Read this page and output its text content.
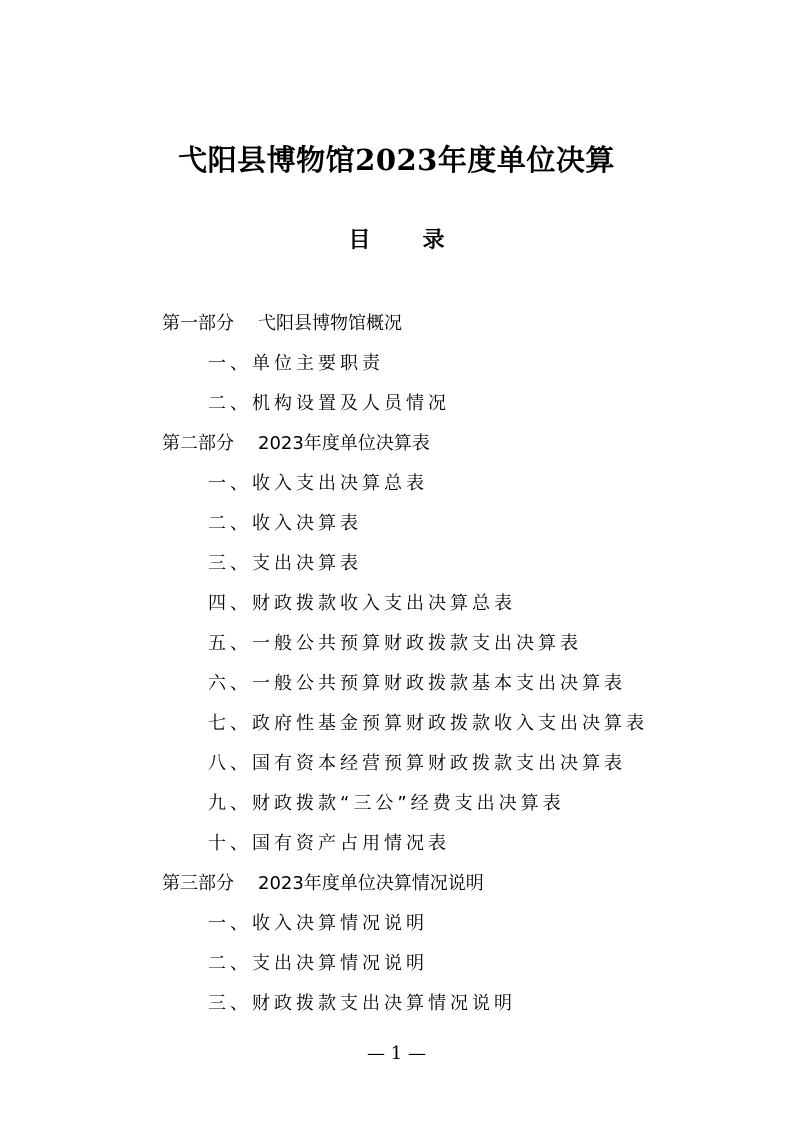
弋阳县博物馆2023年度单位决算
目录
第一部分 弋阳县博物馆概况
一、单位主要职责
二、机构设置及人员情况
第二部分 2023年度单位决算表
一、收入支出决算总表
二、收入决算表
三、支出决算表
四、财政拨款收入支出决算总表
五、一般公共预算财政拨款支出决算表
六、一般公共预算财政拨款基本支出决算表
七、政府性基金预算财政拨款收入支出决算表
八、国有资本经营预算财政拨款支出决算表
九、财政拨款“三公”经费支出决算表
十、国有资产占用情况表
第三部分 2023年度单位决算情况说明
一、收入决算情况说明
二、支出决算情况说明
三、财政拨款支出决算情况说明
— 1 —
